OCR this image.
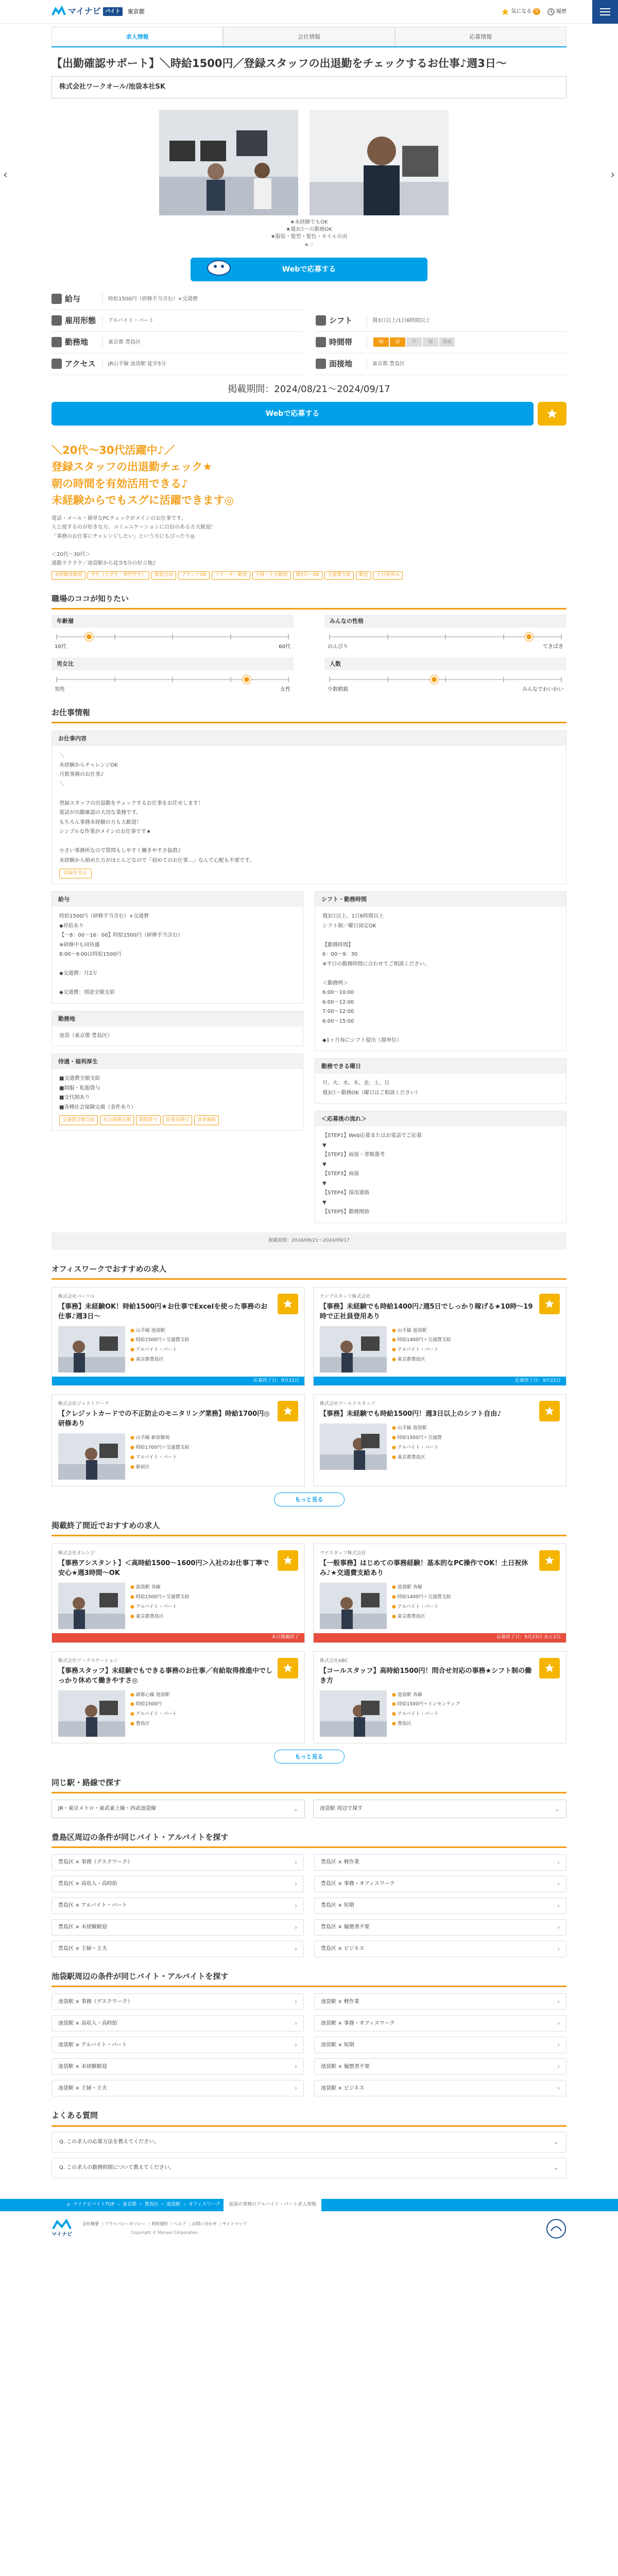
マイナビ バイト	東京都	気になる 0	履歴
求人情報	会社情報	応募情報
【出勤確認サポート】＼時給1500円／登録スタッフの出退勤をチェックするお仕事♪週3日〜
株式会社ワークオール/池袋本社SK
‹	›
★未経験でもOK
★週3日〜の勤務OK
★服装・髪型・髪色・ネイル自由
● ○
Webで応募する
給与	時給1500円（研修手当含む）+交通費
雇用形態	アルバイト・パート	シフト	週3日以上/1日6時間以上
勤務地	東京都 豊島区	時間帯	朝	昼	夕	夜	深夜
アクセス	JR山手線 池袋駅 徒歩5分	面接地	東京都 豊島区
掲載期間：2024/08/21〜2024/09/17
Webで応募する
＼20代〜30代活躍中♪／
登録スタッフの出退勤チェック★
朝の時間を有効活用できる♪
未経験からでもスグに活躍できます◎
電話・メール・簡単なPCチェックがメインのお仕事です。
人と接するのが好きな方、コミュニケーションに自信のある方大歓迎！
「事務のお仕事にチャレンジしたい」という方にもぴったり◎

＜20代〜30代＞
通勤ラクラク／池袋駅から徒歩5分の好立地♪
未経験者歓迎	学生（大学生・専門学生）	服装自由	ブランクOK	フリーター歓迎	主婦・主夫歓迎	週3日〜OK	交通費支給	駅近	土日祝休み
職場のココが知りたい
年齢層
10代	60代
みんなの性格
のんびり	てきぱき
男女比
男性	女性
人数
少数精鋭	みんなでわいわい
お仕事情報
お仕事内容
＼
未経験からチャレンジOK
月数事務のお仕事♪
＼

登録スタッフの出退勤をチェックするお仕事をお任せします！
電話が出勤確認の大切な業務です。
もちろん事務未経験の方も大歓迎！
シンプルな作業がメインのお仕事です★

小さい事務所なので質問もしやすく働きやすさ抜群♪
未経験から始めた方がほとんどなので「初めてのお仕事…」なんて心配も不要です。
詳細を見る
給与
時給1500円（研修手当含む）+交通費
◆昇給あり
【〜8：00〜16：00】時給1500円（研修手当含む）
※研修中も同待遇
8:00〜9:00は時給1500円

◆交通費：月2万

◆交通費：別途全額支給
勤務地
池袋（東京都 豊島区）
待遇・福利厚生
■交通費全額支給
■制服・私服貸与
■交代制あり
■各種社会保険完備（条件あり）

交通費全額支給	社会保険完備	制服貸与	従業員割引	食事補助
シフト・勤務時間
週3日以上、1日6時間以上
シフト制／曜日固定OK

【勤務時間】
6：00〜9：30
※平日の勤務時間に合わせてご相談ください。

＜勤務例＞
6:00〜10:00
6:00〜12:00
7:00〜12:00
6:00〜15:00

◆1ヶ月毎にシフト提出（週単位）
勤務できる曜日
月、火、水、木、金、土、日
週3日〜勤務OK（曜日はご相談ください）
＜応募後の流れ＞
【STEP1】Web応募またはお電話でご応募
▼
【STEP2】面接・書類選考
▼
【STEP3】面接
▼
【STEP4】採用連絡
▼
【STEP5】勤務開始
掲載期間：2024/08/21〜2024/09/17
オフィスワークでおすすめの求人
株式会社パーソル
【事務】未経験OK！時給1500円★お仕事でExcelを使った事務のお仕事♪週3日〜
● 山手線 池袋駅
● 時給1500円＋交通費支給
● アルバイト・パート
● 東京都豊島区
応募終了日：9月22日
テンプスタッフ株式会社
【事務】未経験でも時給1400円♪週5日でしっかり稼げる★10時〜19時で正社員登用あり
● 山手線 池袋駅
● 時給1400円＋交通費支給
● アルバイト・パート
● 東京都豊島区
応募終了日：9月22日
株式会社ジャストワーク
【クレジットカードでの不正防止のモニタリング業務】時給1700円◎研修あり
● 山手線 新宿御苑
● 時給1700円＋交通費支給
● アルバイト・パート
● 新宿区
株式会社ワールドスタッフ
【事務】未経験でも時給1500円！週3日以上のシフト自由♪
● 山手線 池袋駅
● 時給1500円＋交通費
● アルバイト・パート
● 東京都豊島区
もっと見る
掲載終了間近でおすすめの求人
株式会社オレンジ
【事務アシスタント】＜高時給1500〜1600円＞入社のお仕事丁寧で安心★週3時間〜OK
● 池袋駅 各線
● 時給1500円＋交通費支給
● アルバイト・パート
● 東京都豊島区
本日掲載終了
マナスタッフ株式会社
【一般事務】はじめての事務経験！基本的なPC操作でOK！土日祝休み♪★交通費支給あり
● 池袋駅 各線
● 時給1400円＋交通費支給
● アルバイト・パート
● 東京都豊島区
応募終了日：9月23日 あと2日
株式会社ワークステーション
【事務スタッフ】未経験でもできる事務のお仕事／有給取得推進中でしっかり休めて働きやすさ◎
● 副都心線 池袋駅
● 時給1500円
● アルバイト・パート
● 豊島区
株式会社ABC
【コールスタッフ】高時給1500円！問合せ対応の事務★シフト制の働き方
● 池袋駅 各線
● 時給1500円＋インセンティブ
● アルバイト・パート
● 豊島区
もっと見る
同じ駅・路線で探す
JR・東京メトロ・東武東上線・西武池袋線	⌄	池袋駅 周辺で探す	⌄
豊島区周辺の条件が同じバイト・アルバイトを探す
豊島区 × 事務（デスクワーク）	›	豊島区 × 軽作業	›
豊島区 × 高収入・高時給	›	豊島区 × 事務・オフィスワーク	›
豊島区 × アルバイト・パート	›	豊島区 × 短期	›
豊島区 × 未経験歓迎	›	豊島区 × 履歴書不要	›
豊島区 × 主婦・主夫	›	豊島区 × ビジネス	›
池袋駅周辺の条件が同じバイト・アルバイトを探す
池袋駅 × 事務（デスクワーク）	›	池袋駅 × 軽作業	›
池袋駅 × 高収入・高時給	›	池袋駅 × 事務・オフィスワーク	›
池袋駅 × アルバイト・パート	›	池袋駅 × 短期	›
池袋駅 × 未経験歓迎	›	池袋駅 × 履歴書不要	›
池袋駅 × 主婦・主夫	›	池袋駅 × ビジネス	›
よくある質問
Q. この求人の応募方法を教えてください。	⌄
Q. この求人の勤務時間について教えてください。	⌄
⌂ マイナビバイトTOP › 東京都 › 豊島区 › 池袋駅 › オフィスワーク	池袋の事務のアルバイト・パート求人情報
マイナビ
会社概要	| プライバシーポリシー	| 利用規約	| ヘルプ	| お問い合わせ	| サイトマップ
Copyright © Mynavi Corporation
